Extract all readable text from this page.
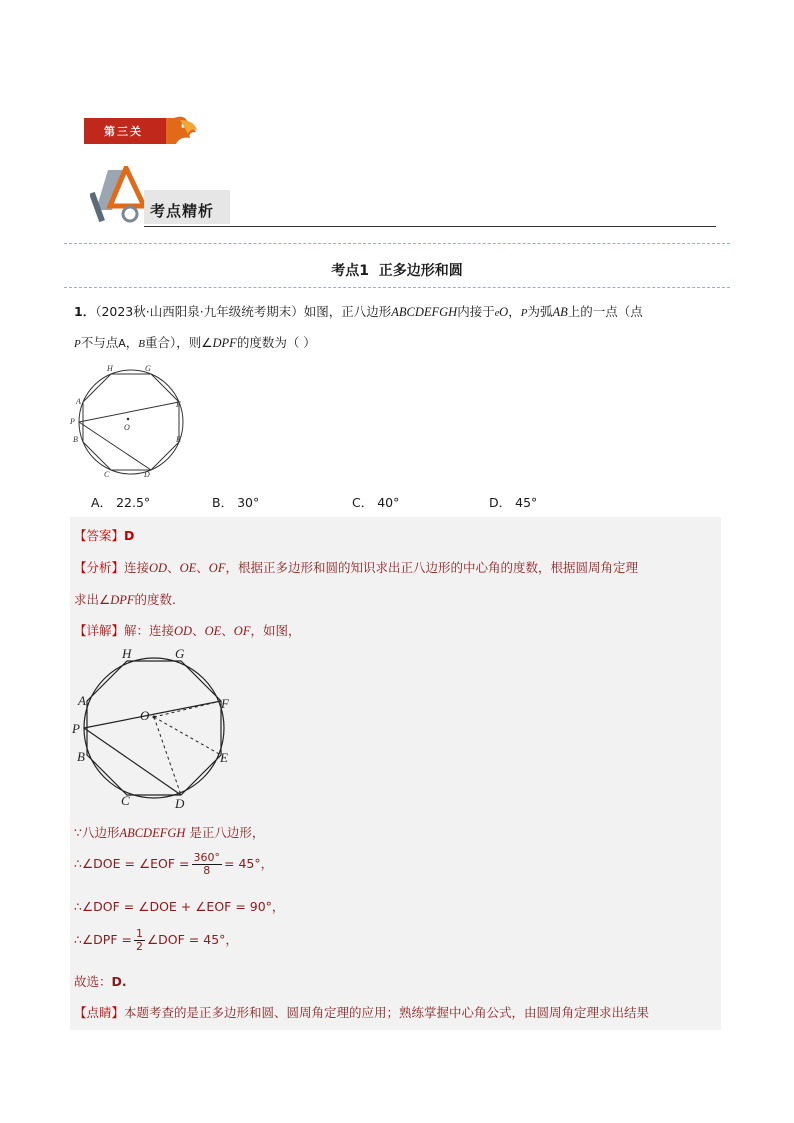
第三关
考点精析
考点1  正多边形和圆
1．（2023秋·山西阳泉·九年级统考期末）如图，正八边形ABCDEFGH内接于eO，P为弧AB上的一点（点
P不与点A，B重合），则∠DPF的度数为（ ）
H	G
F
E
D
C
B
A
P
O
A． 22.5°	B． 30°	C． 40°	D． 45°
【答案】D
【分析】连接OD、OE、OF，根据正多边形和圆的知识求出正八边形的中心角的度数，根据圆周角定理
求出∠DPF的度数.
【详解】解：连接OD、OE、OF，如图，
H	G
F
E
D
C
B
A
P
O
∵八边形ABCDEFGH 是正八边形，
∴∠DOE = ∠EOF = $\frac{360^\circ}{8} = 45^\circ$，
∴∠DOF = ∠DOE + ∠EOF = 90°，
∴∠DPF = $\frac{1}{2}$ ∠DOF = 45°，
故选：D.
【点睛】本题考查的是正多边形和圆、圆周角定理的应用；熟练掌握中心角公式，由圆周角定理求出结果
